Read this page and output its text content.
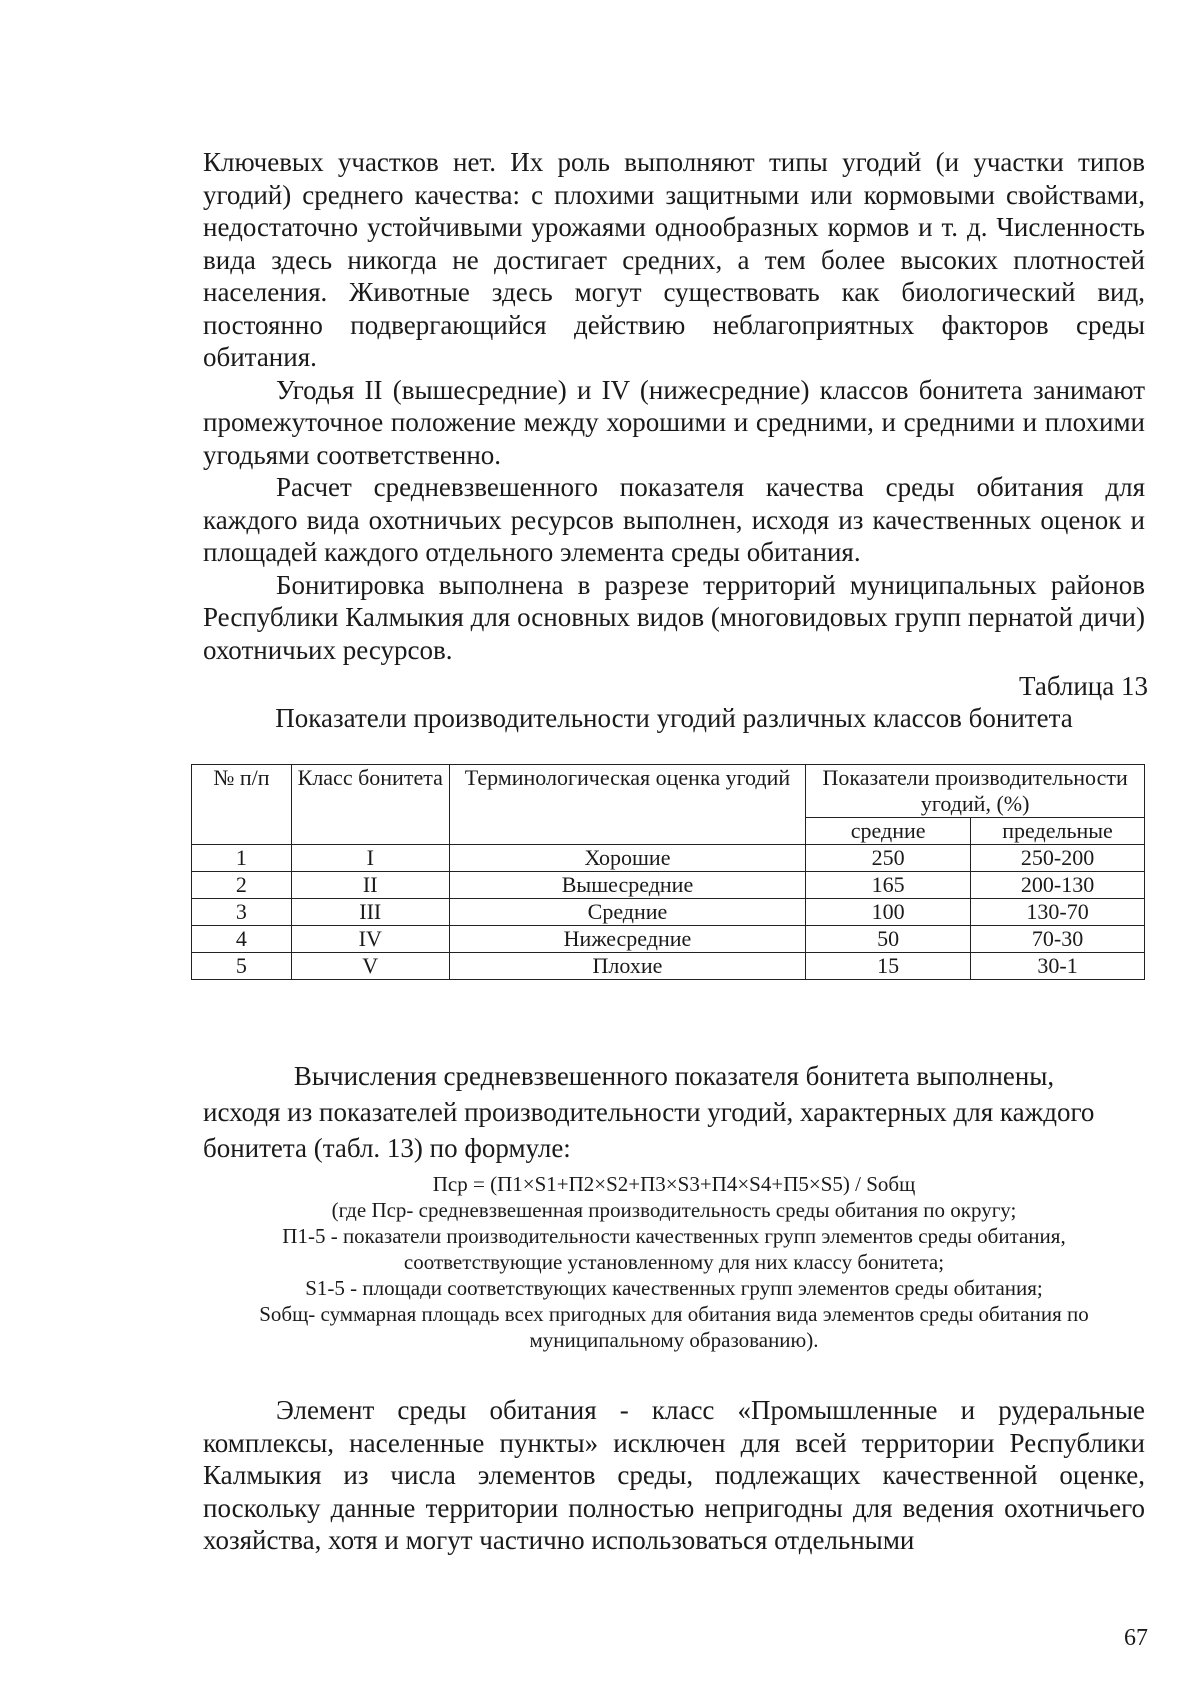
Ключевых участков нет. Их роль выполняют типы угодий (и участки типов угодий) среднего качества: с плохими защитными или кормовыми свойствами, недостаточно устойчивыми урожаями однообразных кормов и т. д. Численность вида здесь никогда не достигает средних, а тем более высоких плотностей населения. Животные здесь могут существовать как биологический вид, постоянно подвергающийся действию неблагоприятных факторов среды обитания.

Угодья II (вышесредние) и IV (нижесредние) классов бонитета занимают промежуточное положение между хорошими и средними, и средними и плохими угодьями соответственно.

Расчет средневзвешенного показателя качества среды обитания для каждого вида охотничьих ресурсов выполнен, исходя из качественных оценок и площадей каждого отдельного элемента среды обитания.

Бонитировка выполнена в разрезе территорий муниципальных районов Республики Калмыкия для основных видов (многовидовых групп пернатой дичи) охотничьих ресурсов.

Таблица 13
Показатели производительности угодий различных классов бонитета
№ п/п	Класс бонитета	Терминологическая оценка угодий	Показатели производительности угодий, (%)	
			средние	предельные
1	I	Хорошие	250	250-200
2	II	Вышесредние	165	200-130
3	III	Средние	100	130-70
4	IV	Нижесредние	50	70-30
5	V	Плохие	15	30-1
Вычисления средневзвешенного показателя бонитета выполнены,
исходя из показателей производительности угодий, характерных для каждого бонитета (табл. 13) по формуле:
Пср = (П1×S1+П2×S2+П3×S3+П4×S4+П5×S5) / Sобщ
(где Пср- средневзвешенная производительность среды обитания по округу;
П1-5 - показатели производительности качественных групп элементов среды обитания, соответствующие установленному для них классу бонитета;
S1-5 - площади соответствующих качественных групп элементов среды обитания;
Sобщ- суммарная площадь всех пригодных для обитания вида элементов среды обитания по муниципальному образованию).

Элемент среды обитания - класс «Промышленные и рудеральные комплексы, населенные пункты» исключен для всей территории Республики Калмыкия из числа элементов среды, подлежащих качественной оценке, поскольку данные территории полностью непригодны для ведения охотничьего хозяйства, хотя и могут частично использоваться отдельными

67
